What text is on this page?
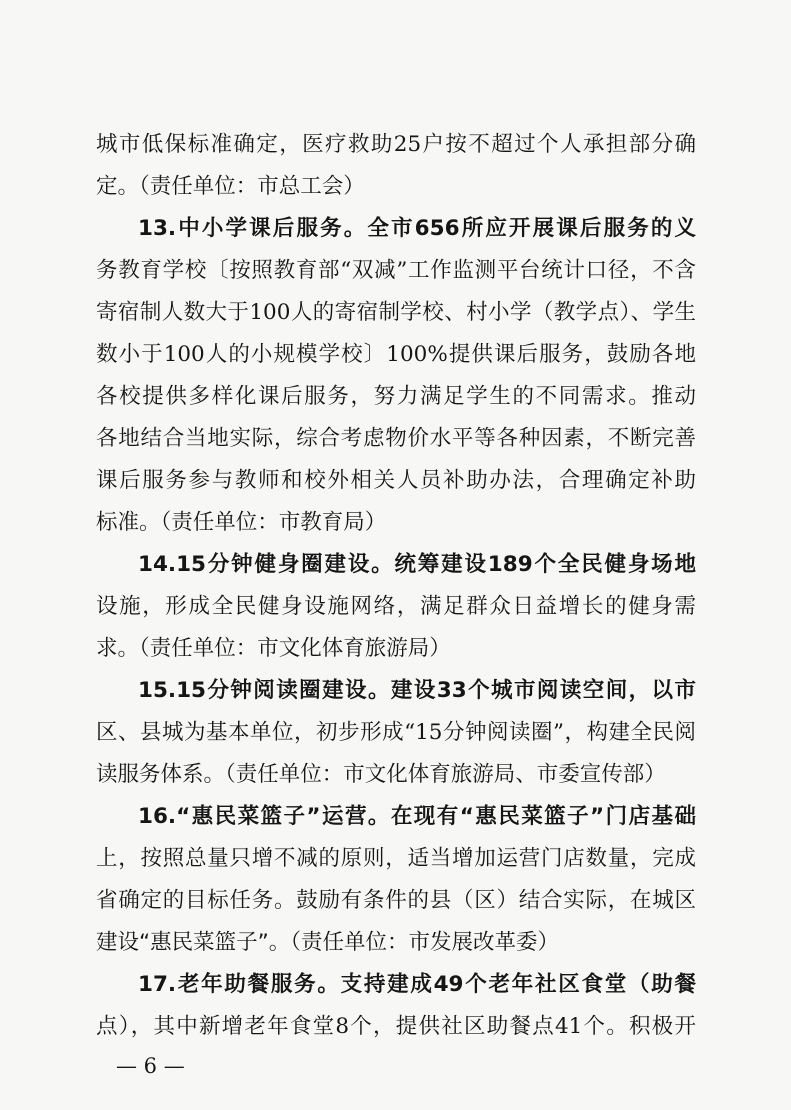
城市低保标准确定，医疗救助25户按不超过个人承担部分确
定。（责任单位：市总工会）
13.中小学课后服务。全市656所应开展课后服务的义
务教育学校〔按照教育部“双减”工作监测平台统计口径，不含
寄宿制人数大于100人的寄宿制学校、村小学（教学点）、学生
数小于100人的小规模学校〕100%提供课后服务，鼓励各地
各校提供多样化课后服务，努力满足学生的不同需求。推动
各地结合当地实际，综合考虑物价水平等各种因素，不断完善
课后服务参与教师和校外相关人员补助办法，合理确定补助
标准。（责任单位：市教育局）
14.15分钟健身圈建设。统筹建设189个全民健身场地
设施，形成全民健身设施网络，满足群众日益增长的健身需
求。（责任单位：市文化体育旅游局）
15.15分钟阅读圈建设。建设33个城市阅读空间，以市
区、县城为基本单位，初步形成“15分钟阅读圈”，构建全民阅
读服务体系。（责任单位：市文化体育旅游局、市委宣传部）
16.“惠民菜篮子”运营。在现有“惠民菜篮子”门店基础
上，按照总量只增不减的原则，适当增加运营门店数量，完成
省确定的目标任务。鼓励有条件的县（区）结合实际，在城区
建设“惠民菜篮子”。（责任单位：市发展改革委）
17.老年助餐服务。支持建成49个老年社区食堂（助餐
点），其中新增老年食堂8个，提供社区助餐点41个。积极开
— 6 —
